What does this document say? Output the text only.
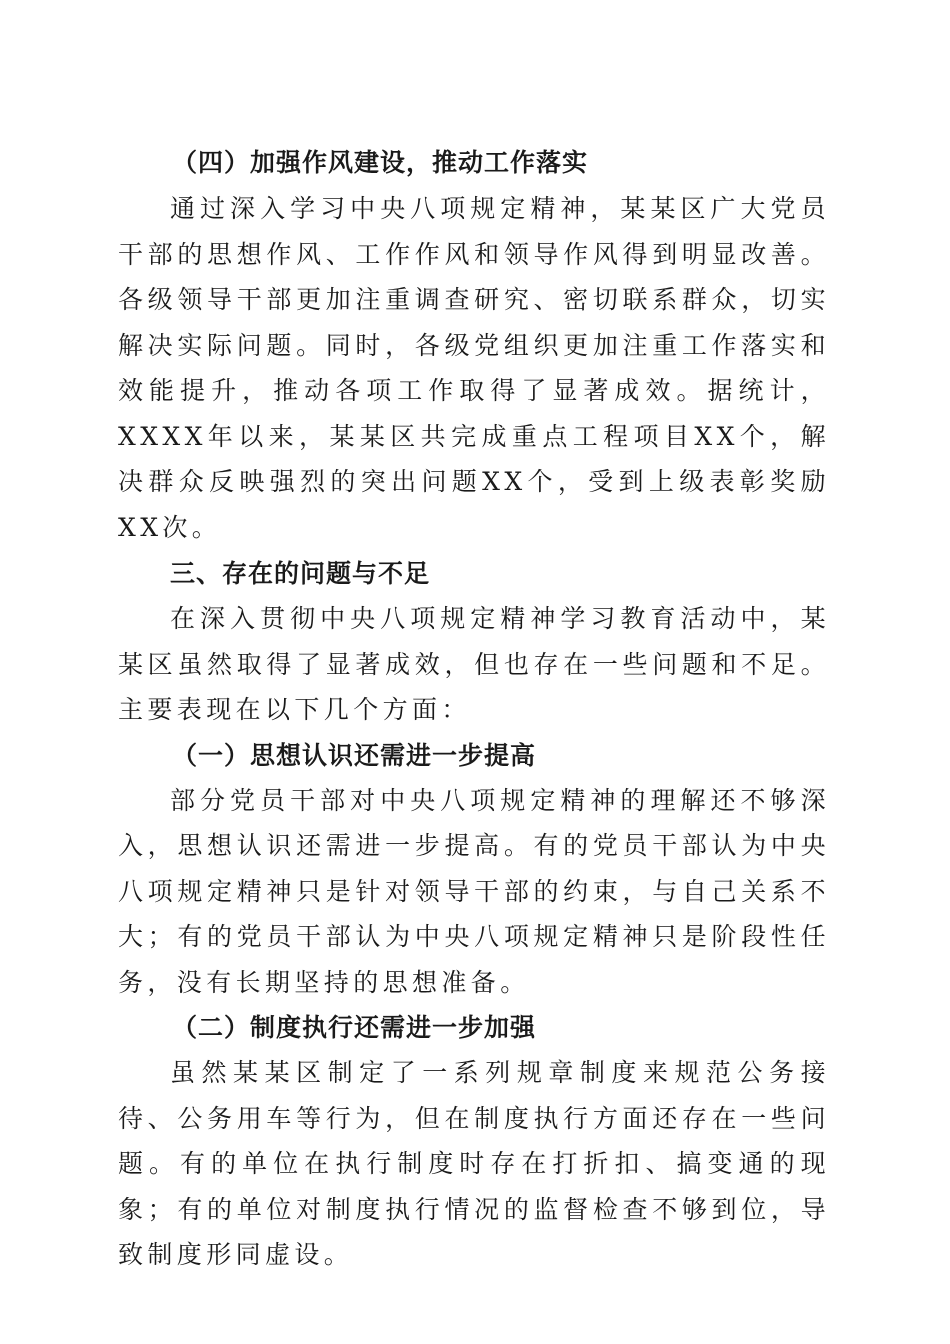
（四）加强作风建设，推动工作落实

通过深入学习中央八项规定精神，某某区广大党员干部的思想作风、工作作风和领导作风得到明显改善。各级领导干部更加注重调查研究、密切联系群众，切实解决实际问题。同时，各级党组织更加注重工作落实和效能提升，推动各项工作取得了显著成效。据统计，XXXX年以来，某某区共完成重点工程项目XX个，解决群众反映强烈的突出问题XX个，受到上级表彰奖励XX次。

三、存在的问题与不足

在深入贯彻中央八项规定精神学习教育活动中，某某区虽然取得了显著成效，但也存在一些问题和不足。主要表现在以下几个方面：

（一）思想认识还需进一步提高

部分党员干部对中央八项规定精神的理解还不够深入，思想认识还需进一步提高。有的党员干部认为中央八项规定精神只是针对领导干部的约束，与自己关系不大；有的党员干部认为中央八项规定精神只是阶段性任务，没有长期坚持的思想准备。

（二）制度执行还需进一步加强

虽然某某区制定了一系列规章制度来规范公务接待、公务用车等行为，但在制度执行方面还存在一些问题。有的单位在执行制度时存在打折扣、搞变通的现象；有的单位对制度执行情况的监督检查不够到位，导致制度形同虚设。
